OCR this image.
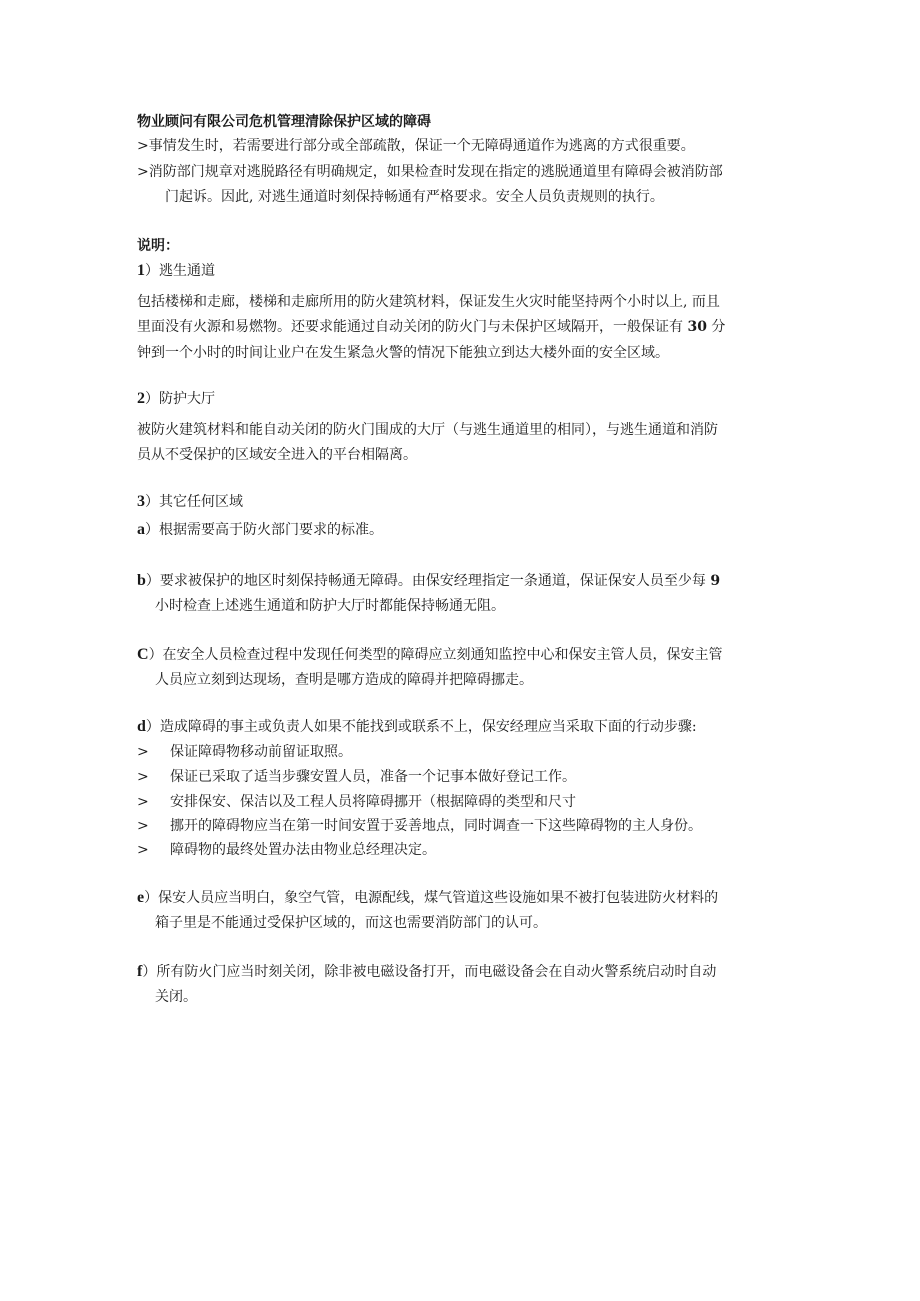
物业顾问有限公司危机管理清除保护区域的障碍
>事情发生时，若需要进行部分或全部疏散，保证一个无障碍通道作为逃离的方式很重要。
>消防部门规章对逃脱路径有明确规定，如果检查时发现在指定的逃脱通道里有障碍会被消防部
门起诉。因此, 对逃生通道时刻保持畅通有严格要求。安全人员负责规则的执行。
说明：
1）逃生通道
包括楼梯和走廊，楼梯和走廊所用的防火建筑材料，保证发生火灾时能坚持两个小时以上, 而且
里面没有火源和易燃物。还要求能通过自动关闭的防火门与未保护区域隔开，一般保证有 30 分
钟到一个小时的时间让业户在发生紧急火警的情况下能独立到达大楼外面的安全区域。
2）防护大厅
被防火建筑材料和能自动关闭的防火门围成的大厅（与逃生通道里的相同），与逃生通道和消防
员从不受保护的区域安全进入的平台相隔离。
3）其它任何区域
a）根据需要高于防火部门要求的标准。
b）要求被保护的地区时刻保持畅通无障碍。由保安经理指定一条通道，保证保安人员至少每 9
小时检查上述逃生通道和防护大厅时都能保持畅通无阻。
C）在安全人员检查过程中发现任何类型的障碍应立刻通知监控中心和保安主管人员，保安主管
人员应立刻到达现场，查明是哪方造成的障碍并把障碍挪走。
d）造成障碍的事主或负责人如果不能找到或联系不上，保安经理应当采取下面的行动步骤:
> 保证障碍物移动前留证取照。
> 保证已采取了适当步骤安置人员，准备一个记事本做好登记工作。
> 安排保安、保洁以及工程人员将障碍挪开（根据障碍的类型和尺寸
> 挪开的障碍物应当在第一时间安置于妥善地点，同时调查一下这些障碍物的主人身份。
> 障碍物的最终处置办法由物业总经理决定。
e）保安人员应当明白，象空气管，电源配线，煤气管道这些设施如果不被打包装进防火材料的
箱子里是不能通过受保护区域的，而这也需要消防部门的认可。
f）所有防火门应当时刻关闭，除非被电磁设备打开，而电磁设备会在自动火警系统启动时自动
关闭。
